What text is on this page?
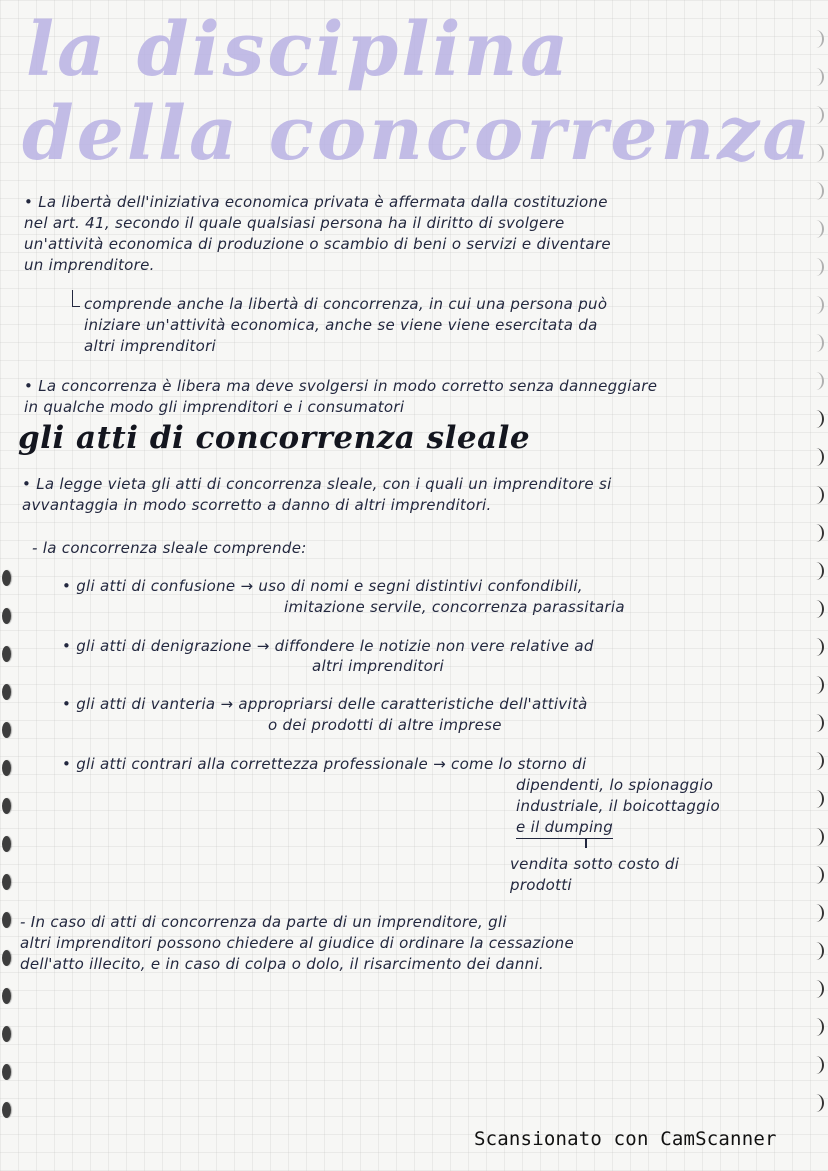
la disciplina
della concorrenza
• La libertà dell'iniziativa economica privata è affermata dalla costituzione
nel art. 41, secondo il quale qualsiasi persona ha il diritto di svolgere
un'attività economica di produzione o scambio di beni o servizi e diventare
un imprenditore.
comprende anche la libertà di concorrenza, in cui una persona può
iniziare un'attività economica, anche se viene viene esercitata da
altri imprenditori
• La concorrenza è libera ma deve svolgersi in modo corretto senza danneggiare
in qualche modo gli imprenditori e i consumatori
gli atti di concorrenza sleale
• La legge vieta gli atti di concorrenza sleale, con i quali un imprenditore si
avvantaggia in modo scorretto a danno di altri imprenditori.
- la concorrenza sleale comprende:
• gli atti di confusione → uso di nomi e segni distintivi confondibili,
imitazione servile, concorrenza parassitaria
• gli atti di denigrazione → diffondere le notizie non vere relative ad
altri imprenditori
• gli atti di vanteria → appropriarsi delle caratteristiche dell'attività
o dei prodotti di altre imprese
• gli atti contrari alla correttezza professionale → come lo storno di
dipendenti, lo spionaggio
industriale, il boicottaggio
e il dumping
vendita sotto costo di
prodotti
- In caso di atti di concorrenza da parte di un imprenditore, gli
altri imprenditori possono chiedere al giudice di ordinare la cessazione
dell'atto illecito, e in caso di colpa o dolo, il risarcimento dei danni.
Scansionato con CamScanner
